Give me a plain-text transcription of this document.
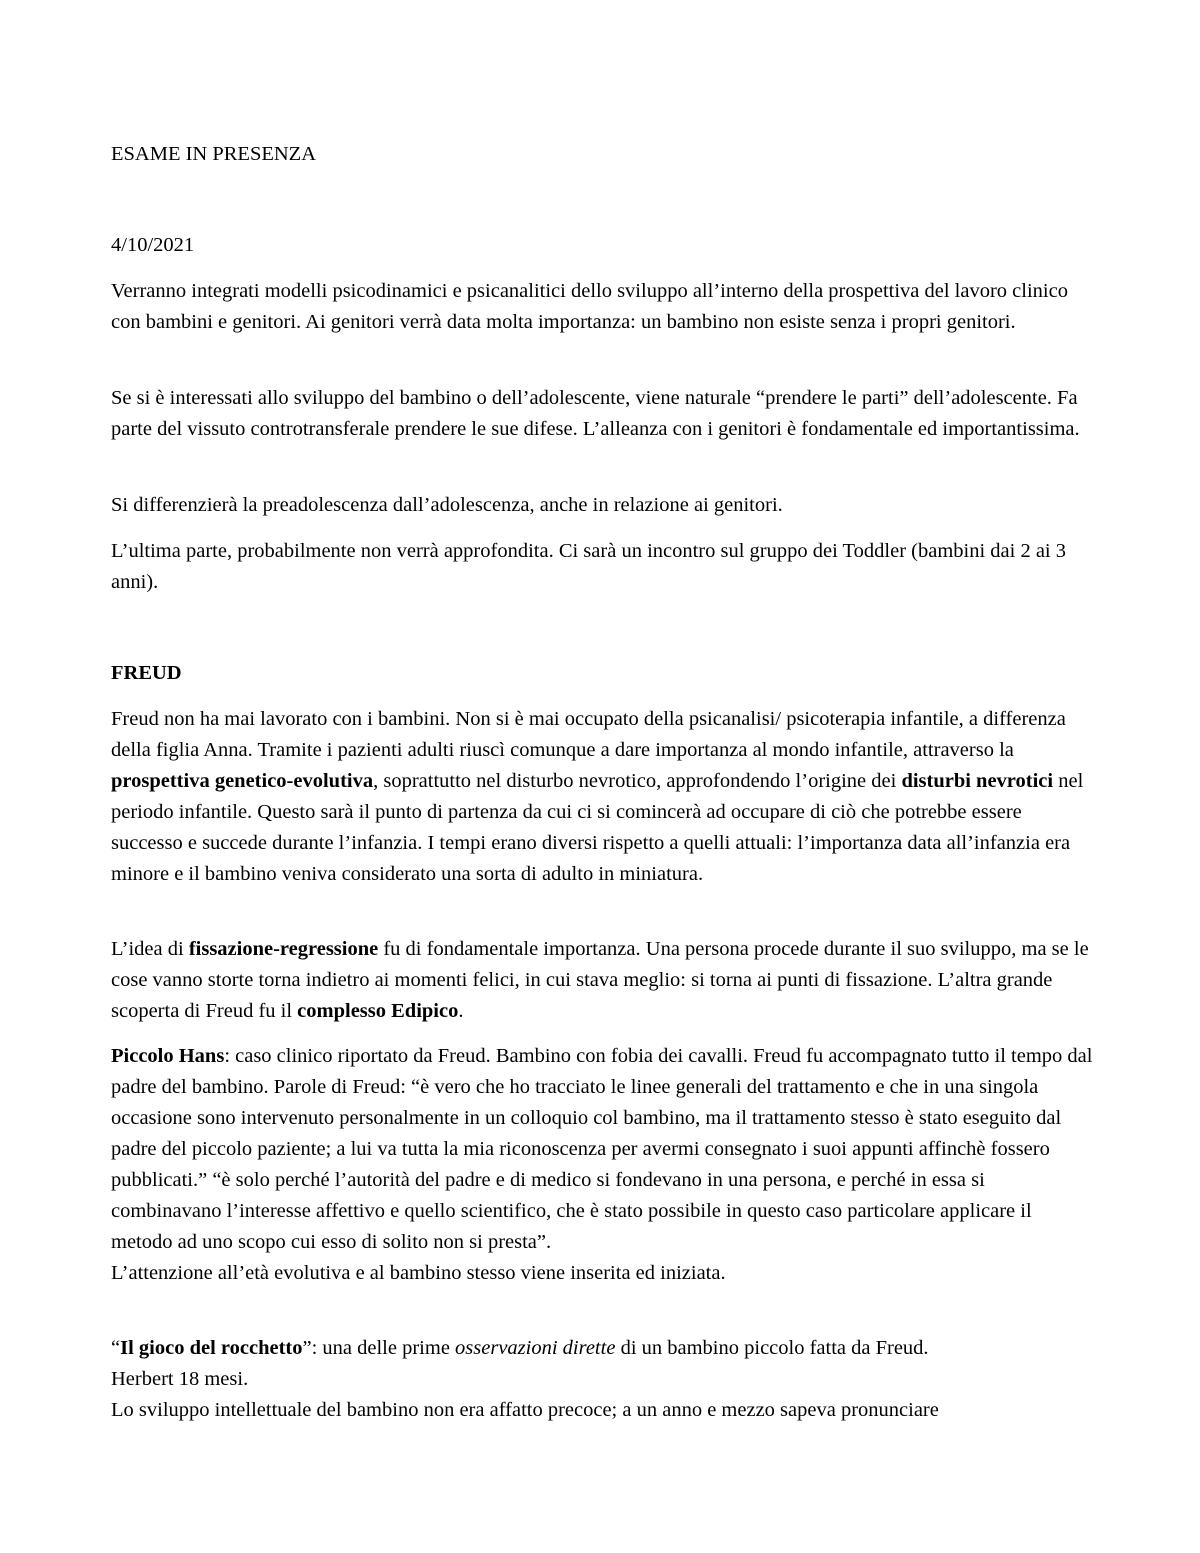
ESAME IN PRESENZA

4/10/2021

Verranno integrati modelli psicodinamici e psicanalitici dello sviluppo all’interno della prospettiva del lavoro clinico con bambini e genitori. Ai genitori verrà data molta importanza: un bambino non esiste senza i propri genitori.

Se si è interessati allo sviluppo del bambino o dell’adolescente, viene naturale “prendere le parti” dell’adolescente. Fa parte del vissuto controtransferale prendere le sue difese. L’alleanza con i genitori è fondamentale ed importantissima.

Si differenzierà la preadolescenza dall’adolescenza, anche in relazione ai genitori.

L’ultima parte, probabilmente non verrà approfondita. Ci sarà un incontro sul gruppo dei Toddler (bambini dai 2 ai 3 anni).

FREUD

Freud non ha mai lavorato con i bambini. Non si è mai occupato della psicanalisi/ psicoterapia infantile, a differenza della figlia Anna. Tramite i pazienti adulti riuscì comunque a dare importanza al mondo infantile, attraverso la prospettiva genetico-evolutiva, soprattutto nel disturbo nevrotico, approfondendo l’origine dei disturbi nevrotici nel periodo infantile. Questo sarà il punto di partenza da cui ci si comincerà ad occupare di ciò che potrebbe essere successo e succede durante l’infanzia. I tempi erano diversi rispetto a quelli attuali: l’importanza data all’infanzia era minore e il bambino veniva considerato una sorta di adulto in miniatura.

L’idea di fissazione-regressione fu di fondamentale importanza. Una persona procede durante il suo sviluppo, ma se le cose vanno storte torna indietro ai momenti felici, in cui stava meglio: si torna ai punti di fissazione. L’altra grande scoperta di Freud fu il complesso Edipico.

Piccolo Hans: caso clinico riportato da Freud. Bambino con fobia dei cavalli. Freud fu accompagnato tutto il tempo dal padre del bambino. Parole di Freud: “è vero che ho tracciato le linee generali del trattamento e che in una singola occasione sono intervenuto personalmente in un colloquio col bambino, ma il trattamento stesso è stato eseguito dal padre del piccolo paziente; a lui va tutta la mia riconoscenza per avermi consegnato i suoi appunti affinchè fossero pubblicati.” “è solo perché l’autorità del padre e di medico si fondevano in una persona, e perché in essa si combinavano l’interesse affettivo e quello scientifico, che è stato possibile in questo caso particolare applicare il metodo ad uno scopo cui esso di solito non si presta”.

L’attenzione all’età evolutiva e al bambino stesso viene inserita ed iniziata.

“Il gioco del rocchetto”: una delle prime osservazioni dirette di un bambino piccolo fatta da Freud.

Herbert 18 mesi.

Lo sviluppo intellettuale del bambino non era affatto precoce; a un anno e mezzo sapeva pronunciare
